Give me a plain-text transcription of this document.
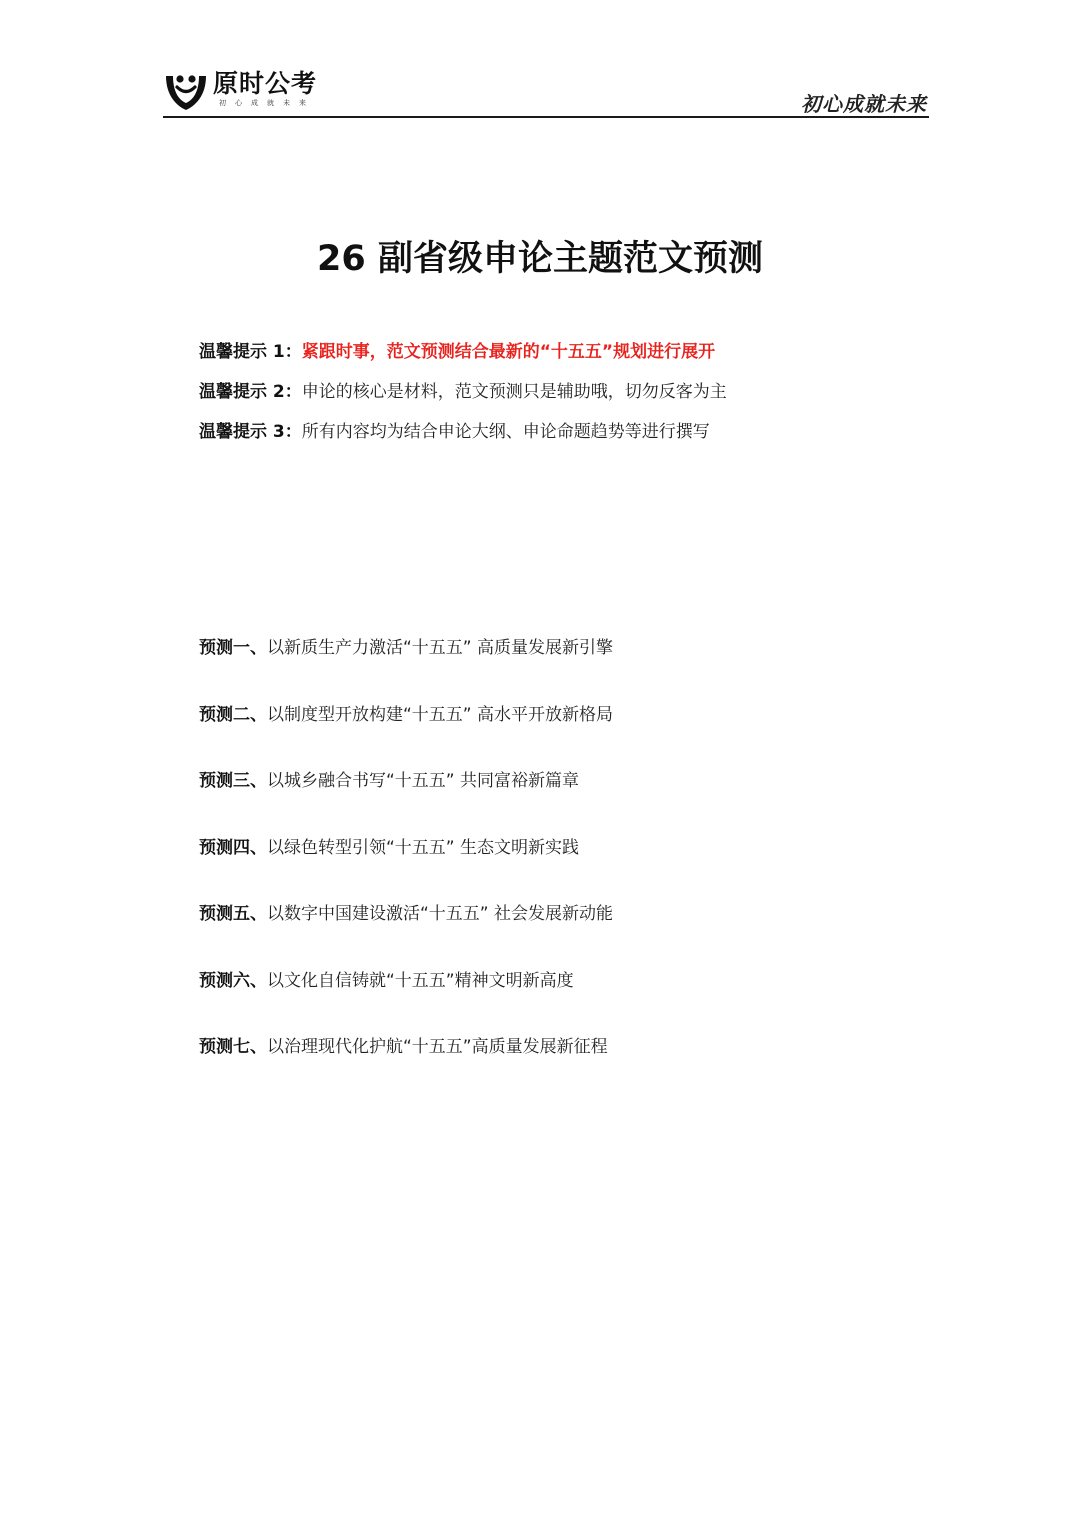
原时公考
初心成就未来	初心成就未来
26 副省级申论主题范文预测
温馨提示 1：紧跟时事，范文预测结合最新的“十五五”规划进行展开
温馨提示 2：申论的核心是材料，范文预测只是辅助哦，切勿反客为主
温馨提示 3：所有内容均为结合申论大纲、申论命题趋势等进行撰写
预测一、以新质生产力激活“十五五” 高质量发展新引擎
预测二、以制度型开放构建“十五五” 高水平开放新格局
预测三、以城乡融合书写“十五五” 共同富裕新篇章
预测四、以绿色转型引领“十五五” 生态文明新实践
预测五、以数字中国建设激活“十五五” 社会发展新动能
预测六、以文化自信铸就“十五五”精神文明新高度
预测七、以治理现代化护航“十五五”高质量发展新征程
